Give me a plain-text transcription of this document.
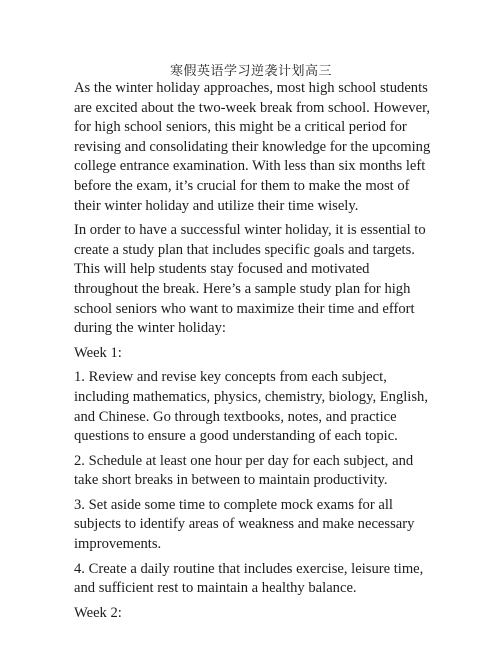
寒假英语学习逆袭计划高三

As the winter holiday approaches, most high school students are excited about the two-week break from school. However, for high school seniors, this might be a critical period for revising and consolidating their knowledge for the upcoming college entrance examination. With less than six months left before the exam, it’s crucial for them to make the most of their winter holiday and utilize their time wisely.

In order to have a successful winter holiday, it is essential to create a study plan that includes specific goals and targets. This will help students stay focused and motivated throughout the break. Here’s a sample study plan for high school seniors who want to maximize their time and effort during the winter holiday:

Week 1:

1. Review and revise key concepts from each subject, including mathematics, physics, chemistry, biology, English, and Chinese. Go through textbooks, notes, and practice questions to ensure a good understanding of each topic.

2. Schedule at least one hour per day for each subject, and take short breaks in between to maintain productivity.

3. Set aside some time to complete mock exams for all subjects to identify areas of weakness and make necessary improvements.

4. Create a daily routine that includes exercise, leisure time, and sufficient rest to maintain a healthy balance.

Week 2:
